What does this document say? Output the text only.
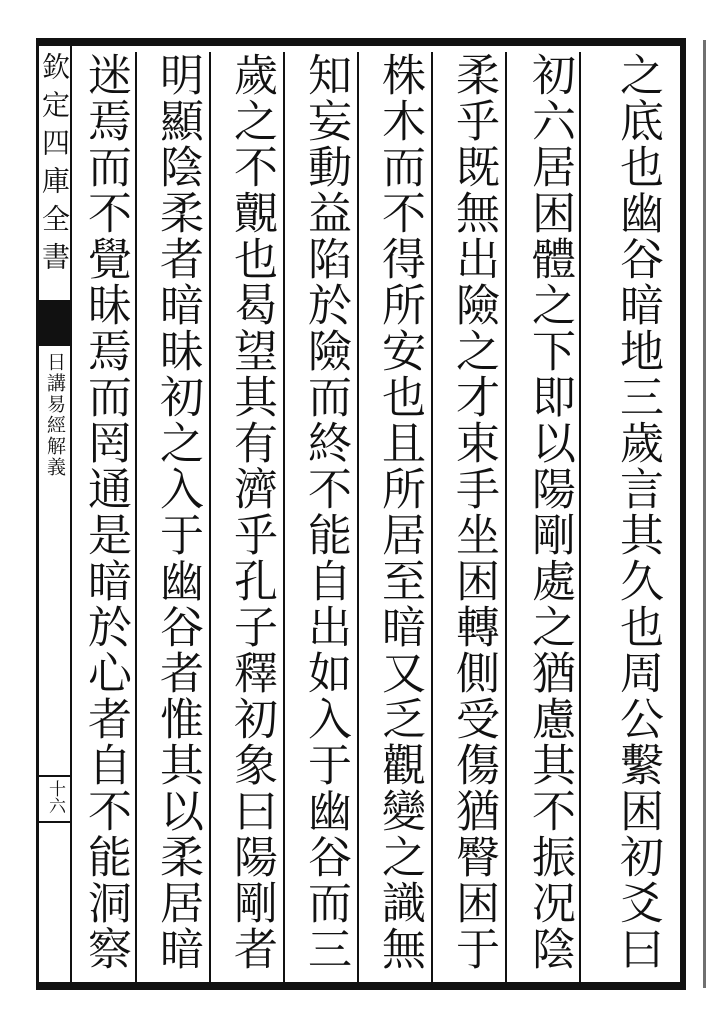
欽定四庫全書
日講易經解義
十六	之底也幽谷暗地三歲言其久也周公繫困初爻曰
初六居困體之下即以陽剛處之猶慮其不振况陰
柔乎既無出險之才束手坐困轉側受傷猶臀困于
株木而不得所安也且所居至暗又乏觀變之識無
知妄動益陷於險而終不能自出如入于幽谷而三
歲之不覿也曷望其有濟乎孔子釋初象曰陽剛者
明顯陰柔者暗昧初之入于幽谷者惟其以柔居暗
迷焉而不覺昧焉而罔通是暗於心者自不能洞察
